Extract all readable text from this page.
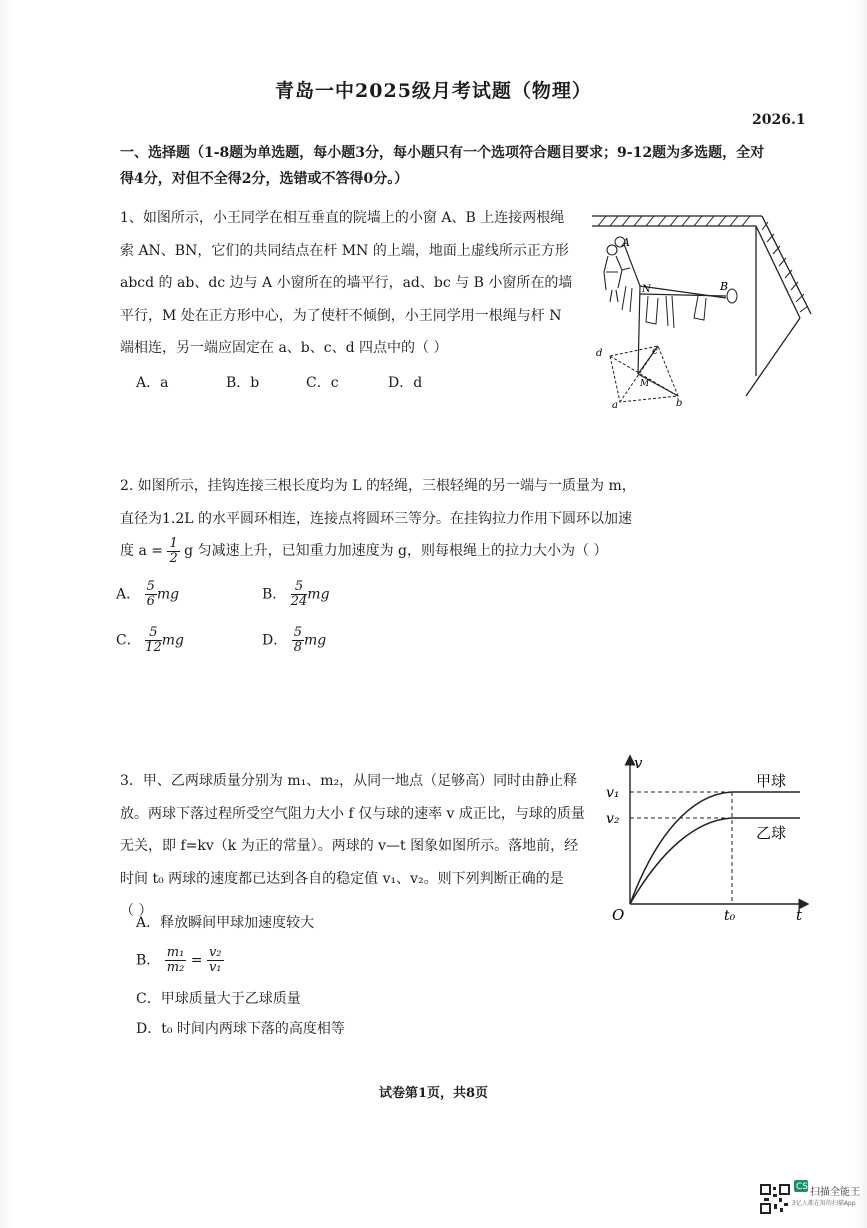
青岛一中2025级月考试题（物理）
2026.1
一、选择题（1-8题为单选题，每小题3分，每小题只有一个选项符合题目要求；9-12题为多选题，全对
得4分，对但不全得2分，选错或不答得0分。）
1、如图所示，小王同学在相互垂直的院墙上的小窗 A、B 上连接两根绳
索 AN、BN，它们的共同结点在杆 MN 的上端，地面上虚线所示正方形
abcd 的 ab、dc 边与 A 小窗所在的墙平行，ad、bc 与 B 小窗所在的墙
平行，M 处在正方形中心，为了使杆不倾倒，小王同学用一根绳与杆 N
端相连，另一端应固定在 a、b、c、d 四点中的（ ）
A．a	B．b	C．c	D．d
A
B
N
d	c
M
a	b
2. 如图所示，挂钩连接三根长度均为 L 的轻绳，三根轻绳的另一端与一质量为 m，
直径为1.2L 的水平圆环相连，连接点将圆环三等分。在挂钩拉力作用下圆环以加速
度 $a = \frac{1}{2}$ g 匀减速上升，已知重力加速度为 g，则每根绳上的拉力大小为（ ）
A． $\frac{5}{6}$ mg	B． $\frac{5}{24}$ mg
C． $\frac{5}{12}$ mg	D． $\frac{5}{8}$ mg
3．甲、乙两球质量分别为 m₁、m₂，从同一地点（足够高）同时由静止释
放。两球下落过程所受空气阻力大小 f 仅与球的速率 v 成正比，与球的质量
无关，即 f=kv（k 为正的常量）。两球的 v—t 图象如图所示。落地前，经
时间 t₀ 两球的速度都已达到各自的稳定值 v₁、v₂。则下列判断正确的是
（ ）
A．释放瞬间甲球加速度较大
B． $\frac{\text{m₁}}{\text{m₂}} = \frac{\text{v₂}}{\text{v₁}}$
C．甲球质量大于乙球质量
D．t₀ 时间内两球下落的高度相等
v
t
O
v₁
v₂
t₀
甲球
乙球
试卷第1页，共8页
CS 扫描全能王
3亿人都在用的扫描App
